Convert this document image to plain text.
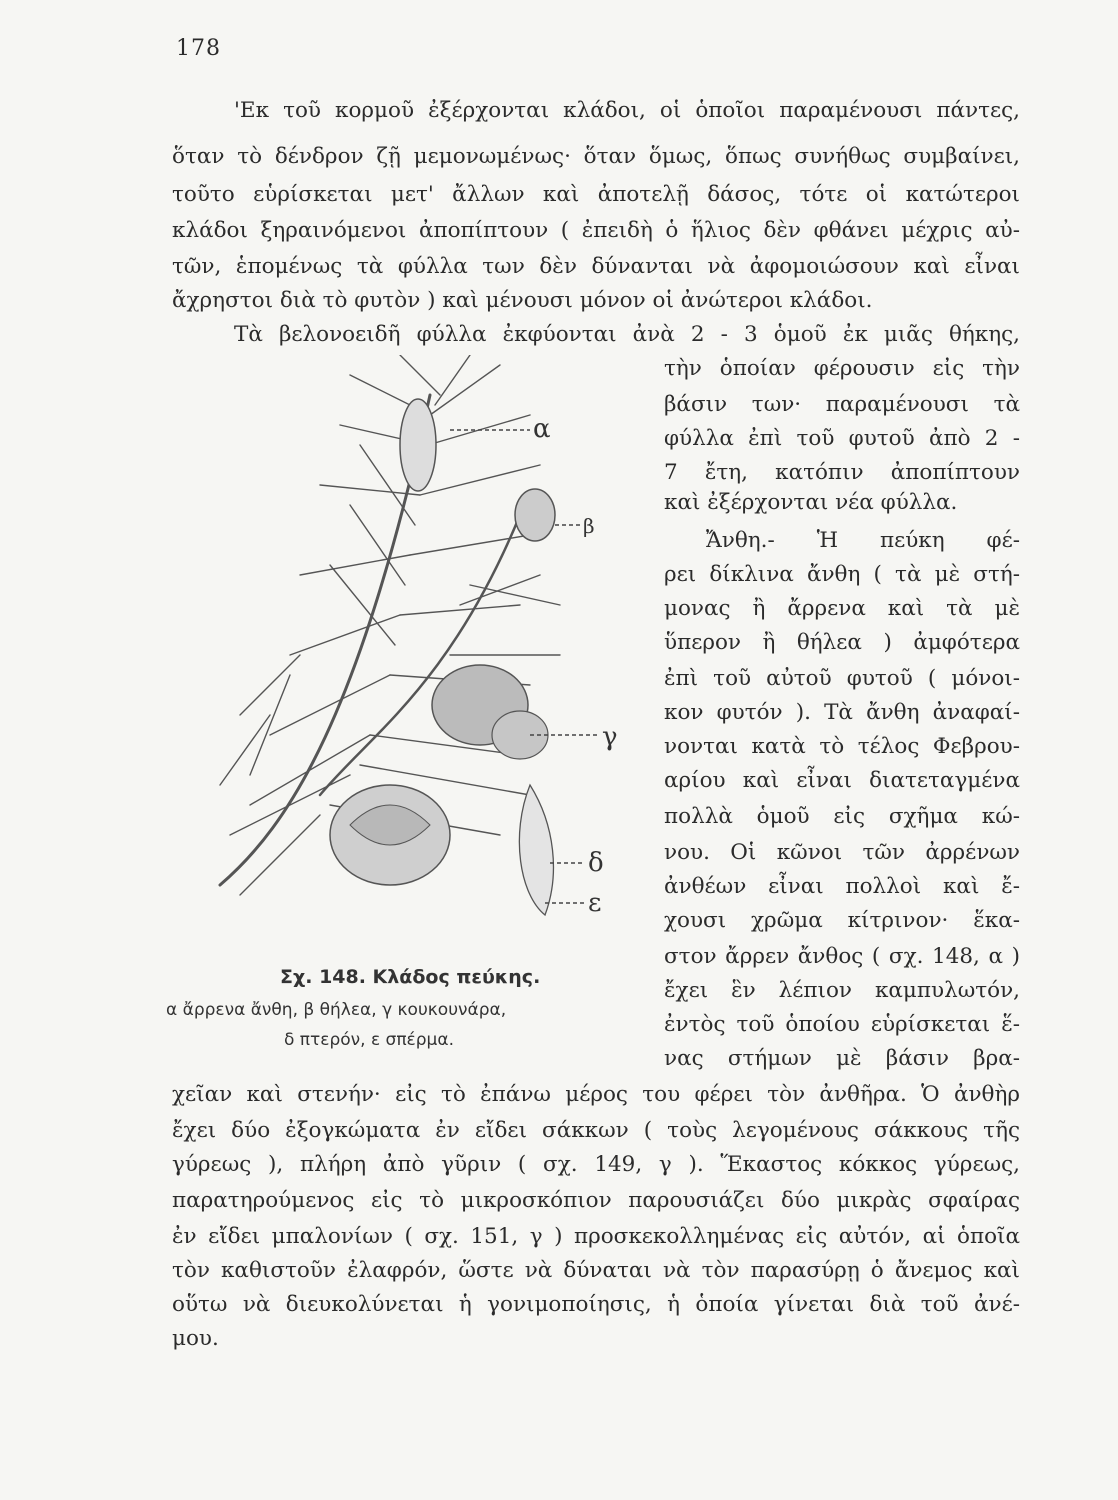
178
'Εκ τοῦ κορμοῦ ἐξέρχονται κλάδοι, οἱ ὁποῖοι παραμένουσι πάντες,
ὅταν τὸ δένδρον ζῇ μεμονωμένως· ὅταν ὅμως, ὅπως συνήθως συμβαίνει,
τοῦτο εὑρίσκεται μετ' ἄλλων καὶ ἀποτελῇ δάσος, τότε οἱ κατώτεροι
κλάδοι ξηραινόμενοι ἀποπίπτουν ( ἐπειδὴ ὁ ἥλιος δὲν φθάνει μέχρις αὐ-
τῶν, ἑπομένως τὰ φύλλα των δὲν δύνανται νὰ ἀφομοιώσουν καὶ εἶναι
ἄχρηστοι διὰ τὸ φυτὸν ) καὶ μένουσι μόνον οἱ ἀνώτεροι κλάδοι.
Τὰ βελονοειδῆ φύλλα ἐκφύονται ἀνὰ 2 - 3 ὁμοῦ ἐκ μιᾶς θήκης,
τὴν ὁποίαν φέρουσιν εἰς τὴν
βάσιν των· παραμένουσι τὰ
φύλλα ἐπὶ τοῦ φυτοῦ ἀπὸ 2 -
7 ἔτη, κατόπιν ἀποπίπτουν
καὶ ἐξέρχονται νέα φύλλα.
Ἄνθη.- Ἡ πεύκη φέ-
ρει δίκλινα ἄνθη ( τὰ μὲ στή-
μονας ἢ ἄρρενα καὶ τὰ μὲ
ὕπερον ἢ θήλεα ) ἀμφότερα
ἐπὶ τοῦ αὐτοῦ φυτοῦ ( μόνοι-
κον φυτόν ). Τὰ ἄνθη ἀναφαί-
νονται κατὰ τὸ τέλος Φεβρου-
αρίου καὶ εἶναι διατεταγμένα
πολλὰ ὁμοῦ εἰς σχῆμα κώ-
νου. Οἱ κῶνοι τῶν ἀρρένων
ἀνθέων εἶναι πολλοὶ καὶ ἔ-
χουσι χρῶμα κίτρινον· ἕκα-
στον ἄρρεν ἄνθος ( σχ. 148, α )
ἔχει ἓν λέπιον καμπυλωτόν,
ἐντὸς τοῦ ὁποίου εὑρίσκεται ἕ-
νας στήμων μὲ βάσιν βρα-
α
β
γ
δ
ε
Σχ. 148. Κλάδος πεύκης.
α ἄρρενα ἄνθη, β θήλεα, γ κουκουνάρα,
δ πτερόν, ε σπέρμα.
χεῖαν καὶ στενήν· εἰς τὸ ἐπάνω μέρος του φέρει τὸν ἀνθῆρα. Ὁ ἀνθὴρ
ἔχει δύο ἐξογκώματα ἐν εἴδει σάκκων ( τοὺς λεγομένους σάκκους τῆς
γύρεως ), πλήρη ἀπὸ γῦριν ( σχ. 149, γ ). Ἕκαστος κόκκος γύρεως,
παρατηρούμενος εἰς τὸ μικροσκόπιον παρουσιάζει δύο μικρὰς σφαίρας
ἐν εἴδει μπαλονίων ( σχ. 151, γ ) προσκεκολλημένας εἰς αὐτόν, αἱ ὁποῖα
τὸν καθιστοῦν ἐλαφρόν, ὥστε νὰ δύναται νὰ τὸν παρασύρῃ ὁ ἄνεμος καὶ
οὕτω νὰ διευκολύνεται ἡ γονιμοποίησις, ἡ ὁποία γίνεται διὰ τοῦ ἀνέ-
μου.
